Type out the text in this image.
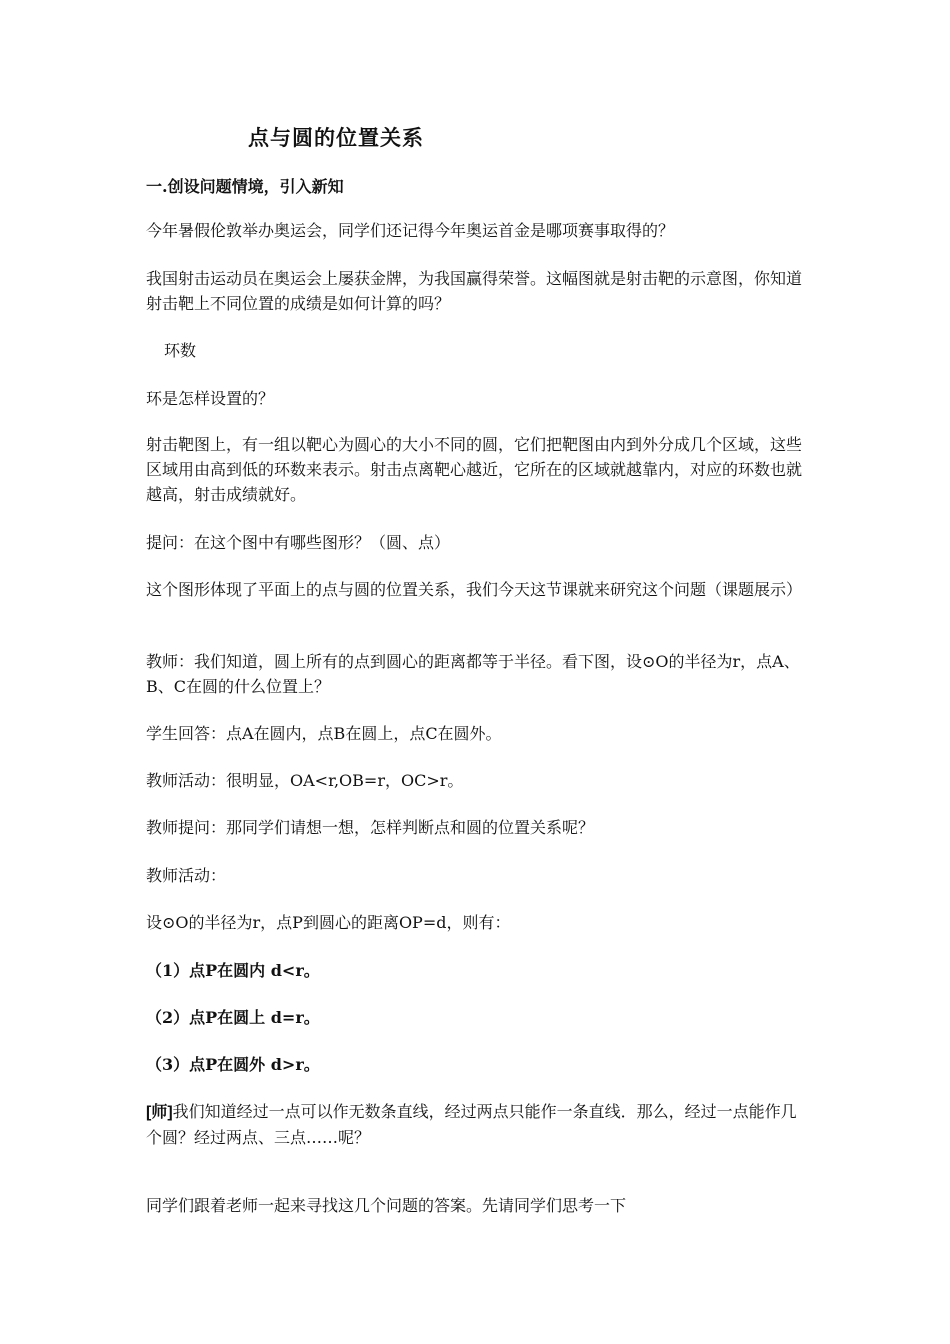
点与圆的位置关系

一.创设问题情境，引入新知

今年暑假伦敦举办奥运会，同学们还记得今年奥运首金是哪项赛事取得的？

我国射击运动员在奥运会上屡获金牌，为我国赢得荣誉。这幅图就是射击靶的示意图，你知道射击靶上不同位置的成绩是如何计算的吗？

环数

环是怎样设置的？

射击靶图上，有一组以靶心为圆心的大小不同的圆，它们把靶图由内到外分成几个区域，这些区域用由高到低的环数来表示。射击点离靶心越近，它所在的区域就越靠内，对应的环数也就越高，射击成绩就好。

提问：在这个图中有哪些图形？（圆、点）

这个图形体现了平面上的点与圆的位置关系，我们今天这节课就来研究这个问题（课题展示）

教师：我们知道，圆上所有的点到圆心的距离都等于半径。看下图，设⊙O的半径为r，点A、B、C在圆的什么位置上？

学生回答：点A在圆内，点B在圆上，点C在圆外。

教师活动：很明显，OA<r,OB=r，OC>r。

教师提问：那同学们请想一想，怎样判断点和圆的位置关系呢？

教师活动：

设⊙O的半径为r，点P到圆心的距离OP=d，则有：

（1）点P在圆内 d<r。

（2）点P在圆上 d=r。

（3）点P在圆外 d>r。

[师]我们知道经过一点可以作无数条直线，经过两点只能作一条直线．那么，经过一点能作几个圆？经过两点、三点……呢？

同学们跟着老师一起来寻找这几个问题的答案。先请同学们思考一下
